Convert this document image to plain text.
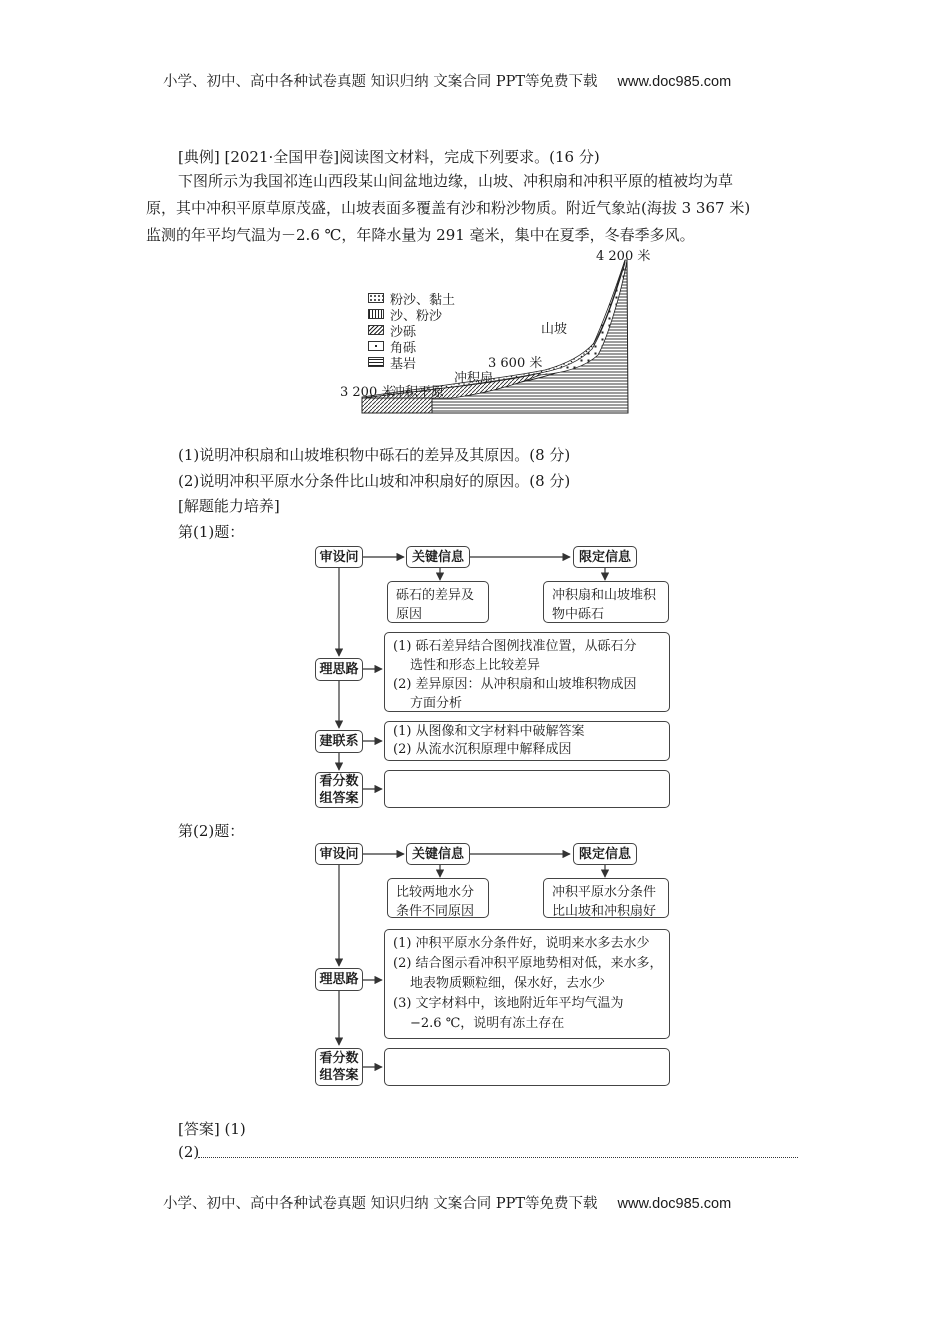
小学、初中、高中各种试卷真题 知识归纳 文案合同 PPT等免费下载 www.doc985.com
[典例] [2021·全国甲卷]阅读图文材料，完成下列要求。(16 分)
下图所示为我国祁连山西段某山间盆地边缘，山坡、冲积扇和冲积平原的植被均为草
原，其中冲积平原草原茂盛，山坡表面多覆盖有沙和粉沙物质。附近气象站(海拔 3 367 米)
监测的年平均气温为－2.6 ℃，年降水量为 291 毫米，集中在夏季，冬春季多风。
粉沙、黏土
沙、粉沙
沙砾
角砾
基岩
4 200 米
山坡
3 600 米
冲积扇
3 200 米
冲积平原
(1)说明冲积扇和山坡堆积物中砾石的差异及其原因。(8 分)
(2)说明冲积平原水分条件比山坡和冲积扇好的原因。(8 分)
[解题能力培养]
第(1)题：
审设问	关键信息	限定信息
砾石的差异及
原因
冲积扇和山坡堆积
物中砾石
理思路
(1) 砾石差异结合图例找准位置，从砾石分
选性和形态上比较差异
(2) 差异原因：从冲积扇和山坡堆积物成因
方面分析
建联系
(1) 从图像和文字材料中破解答案
(2) 从流水沉积原理中解释成因
看分数
组答案
第(2)题：
审设问	关键信息	限定信息
比较两地水分
条件不同原因
冲积平原水分条件
比山坡和冲积扇好
理思路
(1) 冲积平原水分条件好，说明来水多去水少
(2) 结合图示看冲积平原地势相对低，来水多，
地表物质颗粒细，保水好，去水少
(3) 文字材料中，该地附近年平均气温为
−2.6 ℃，说明有冻土存在
看分数
组答案
[答案] (1)
(2)
小学、初中、高中各种试卷真题 知识归纳 文案合同 PPT等免费下载 www.doc985.com
